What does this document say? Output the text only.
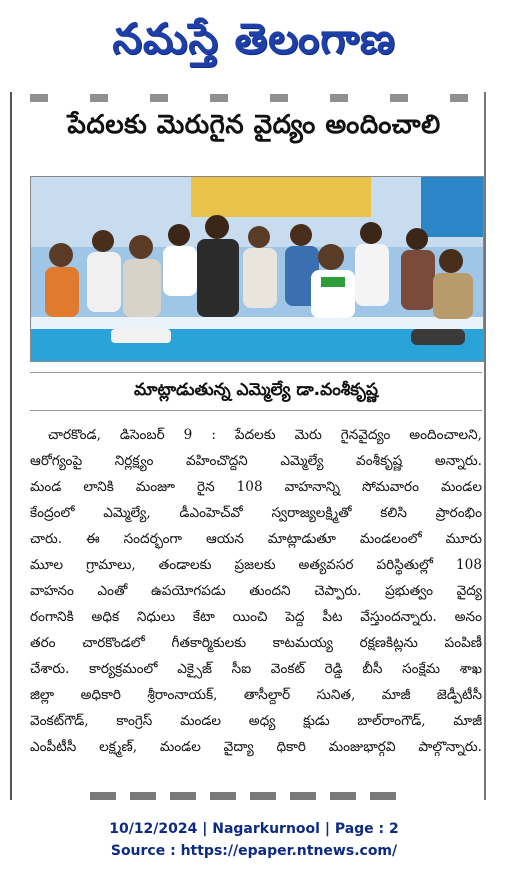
నమస్తే తెలంగాణ
పేదలకు మెరుగైన వైద్యం అందించాలి
మాట్లాడుతున్న ఎమ్మెల్యే డా.వంశీకృష్ణ
చారకొండ, డిసెంబర్ 9 : పేదలకు మెరు గైనవైద్యం అందించాలని,
ఆరోగ్యంపై నిర్లక్ష్యం వహించొద్దని ఎమ్మెల్యే వంశీకృష్ణ అన్నారు.
మండ లానికి మంజూ రైన 108 వాహనాన్ని సోమవారం మండల
కేంద్రంలో ఎమ్మెల్యే, డీఎంహెచ్‌వో స్వరాజ్యలక్ష్మితో కలిసి ప్రారంభిం
చారు. ఈ సందర్భంగా ఆయన మాట్లాడుతూ మండలంలో మూరు
మూల గ్రామాలు, తండాలకు ప్రజలకు అత్యవసర పరిస్థితుల్లో 108
వాహనం ఎంతో ఉపయోగపడు తుందని చెప్పారు. ప్రభుత్వం వైద్య
రంగానికి అధిక నిధులు కేటా యించి పెద్ద పీట వేస్తుందన్నారు. అనం
తరం చారకొండలో గీతకార్మికులకు కాటమయ్య రక్షణకిట్లను పంపిణీ
చేశారు. కార్యక్రమంలో ఎక్సైజ్ సీఐ వెంకట్ రెడ్డి బీసీ సంక్షేమ శాఖ
జిల్లా అధికారి శ్రీరాంనాయక్, తాసీల్దార్ సునిత, మాజీ జెడ్పీటీసీ
వెంకట్‌గౌడ్, కాంగ్రెస్ మండల అధ్య క్షుడు బాల్‌రాంగౌడ్, మాజీ
ఎంపీటీసీ లక్ష్మణ్, మండల వైద్యా ధికారి మంజుభార్గవి పాల్గొన్నారు.
10/12/2024 | Nagarkurnool | Page : 2
Source : https://epaper.ntnews.com/
